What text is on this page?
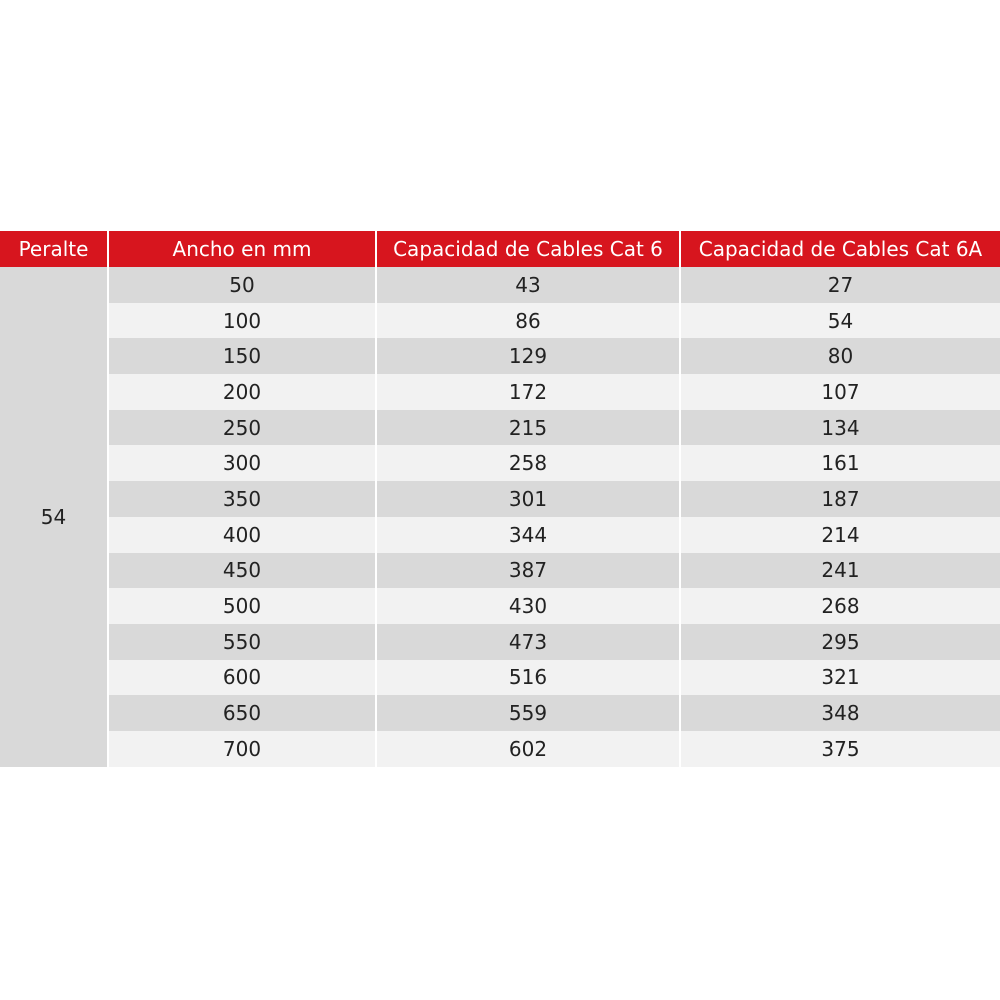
Peralte	Ancho en mm	Capacidad de Cables Cat 6	Capacidad de Cables Cat 6A
54	50	43	27
	100	86	54
	150	129	80
	200	172	107
	250	215	134
	300	258	161
	350	301	187
	400	344	214
	450	387	241
	500	430	268
	550	473	295
	600	516	321
	650	559	348
	700	602	375
